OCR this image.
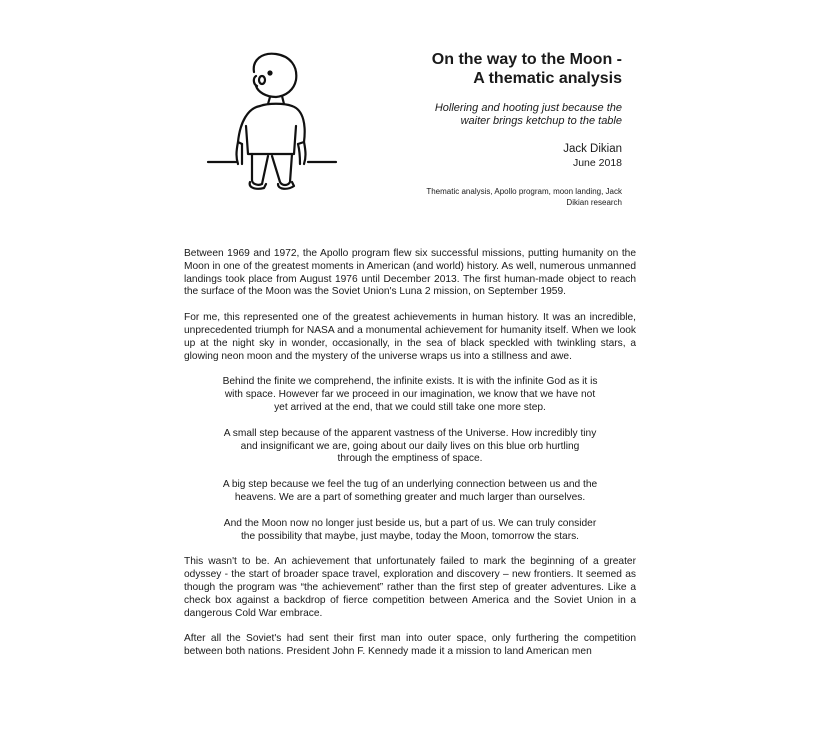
On the way to the Moon -
A thematic analysis

Hollering and hooting just because the
waiter brings ketchup to the table

Jack Dikian

June 2018

Thematic analysis, Apollo program, moon landing, Jack
Dikian research

Between 1969 and 1972, the Apollo program flew six successful missions, putting humanity on the Moon in one of the greatest moments in American (and world) history. As well, numerous unmanned landings took place from August 1976 until December 2013. The first human-made object to reach the surface of the Moon was the Soviet Union's Luna 2 mission, on September 1959.

For me, this represented one of the greatest achievements in human history. It was an incredible, unprecedented triumph for NASA and a monumental achievement for humanity itself. When we look up at the night sky in wonder, occasionally, in the sea of black speckled with twinkling stars, a glowing neon moon and the mystery of the universe wraps us into a stillness and awe.

Behind the finite we comprehend, the infinite exists. It is with the infinite God as it is with space. However far we proceed in our imagination, we know that we have not yet arrived at the end, that we could still take one more step.

A small step because of the apparent vastness of the Universe. How incredibly tiny and insignificant we are, going about our daily lives on this blue orb hurtling through the emptiness of space.

A big step because we feel the tug of an underlying connection between us and the heavens. We are a part of something greater and much larger than ourselves.

And the Moon now no longer just beside us, but a part of us. We can truly consider the possibility that maybe, just maybe, today the Moon, tomorrow the stars.

This wasn't to be. An achievement that unfortunately failed to mark the beginning of a greater odyssey - the start of broader space travel, exploration and discovery – new frontiers. It seemed as though the program was “the achievement” rather than the first step of greater adventures. Like a check box against a backdrop of fierce competition between America and the Soviet Union in a dangerous Cold War embrace.

After all the Soviet's had sent their first man into outer space, only furthering the competition between both nations. President John F. Kennedy made it a mission to land American men
